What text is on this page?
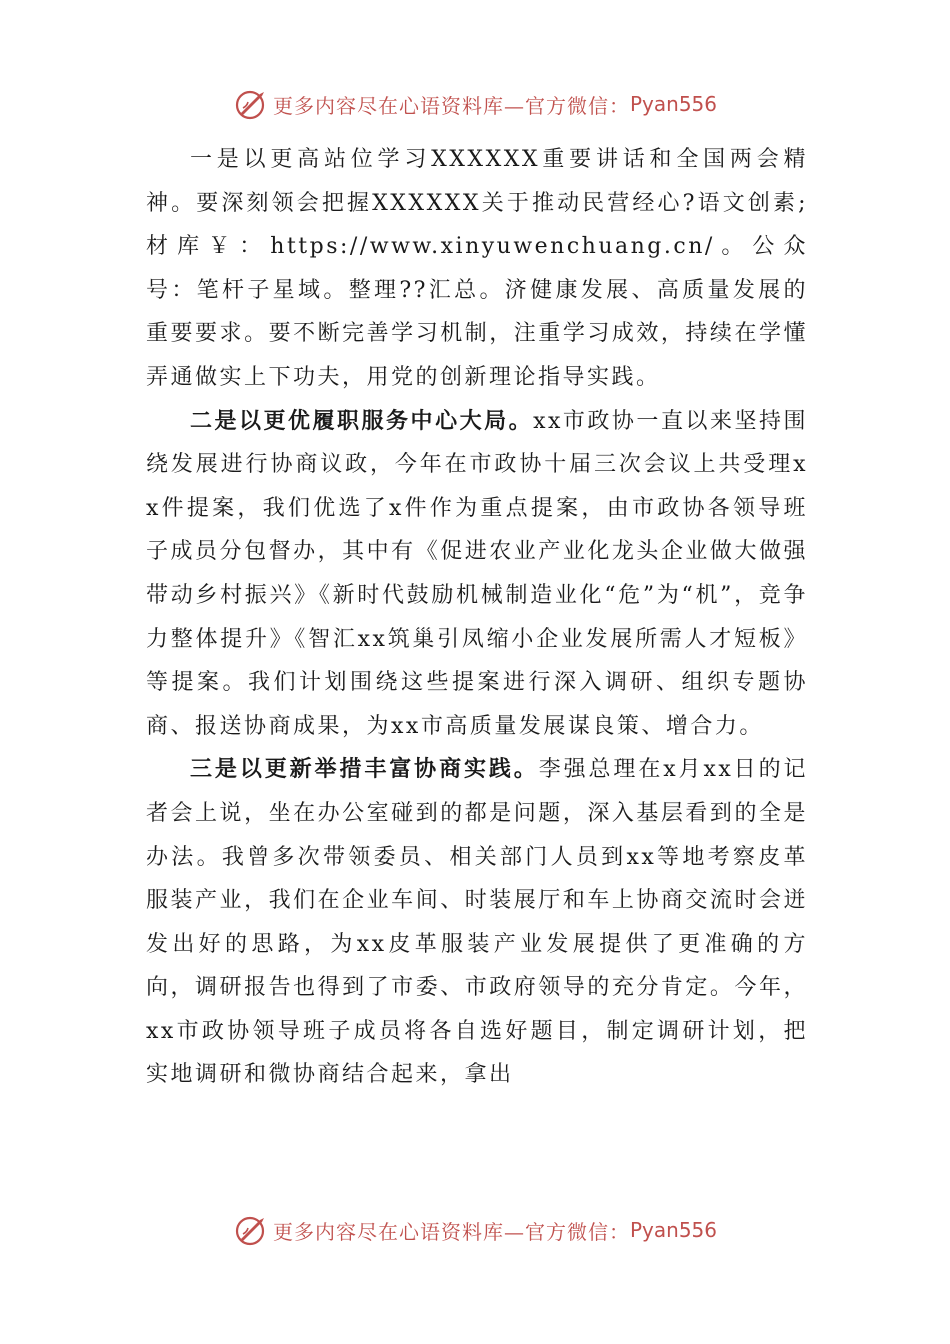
更多内容尽在心语资料库—官方微信： Pyan556

一是以更高站位学习XXXXXX重要讲话和全国两会精神。要深刻领会把握XXXXXX关于推动民营经心?语文创素;材库￥：https://www.xinyuwenchuang.cn/。公众号：笔杆子星域。整理??汇总。济健康发展、高质量发展的重要要求。要不断完善学习机制，注重学习成效，持续在学懂弄通做实上下功夫，用党的创新理论指导实践。

二是以更优履职服务中心大局。xx市政协一直以来坚持围绕发展进行协商议政，今年在市政协十届三次会议上共受理xx件提案，我们优选了x件作为重点提案，由市政协各领导班子成员分包督办，其中有《促进农业产业化龙头企业做大做强带动乡村振兴》《新时代鼓励机械制造业化“危”为“机”，竞争力整体提升》《智汇xx筑巢引凤缩小企业发展所需人才短板》等提案。我们计划围绕这些提案进行深入调研、组织专题协商、报送协商成果，为xx市高质量发展谋良策、增合力。

三是以更新举措丰富协商实践。李强总理在x月xx日的记者会上说，坐在办公室碰到的都是问题，深入基层看到的全是办法。我曾多次带领委员、相关部门人员到xx等地考察皮革服装产业，我们在企业车间、时装展厅和车上协商交流时会迸发出好的思路，为xx皮革服装产业发展提供了更准确的方向，调研报告也得到了市委、市政府领导的充分肯定。今年，xx市政协领导班子成员将各自选好题目，制定调研计划，把实地调研和微协商结合起来，拿出

更多内容尽在心语资料库—官方微信： Pyan556
